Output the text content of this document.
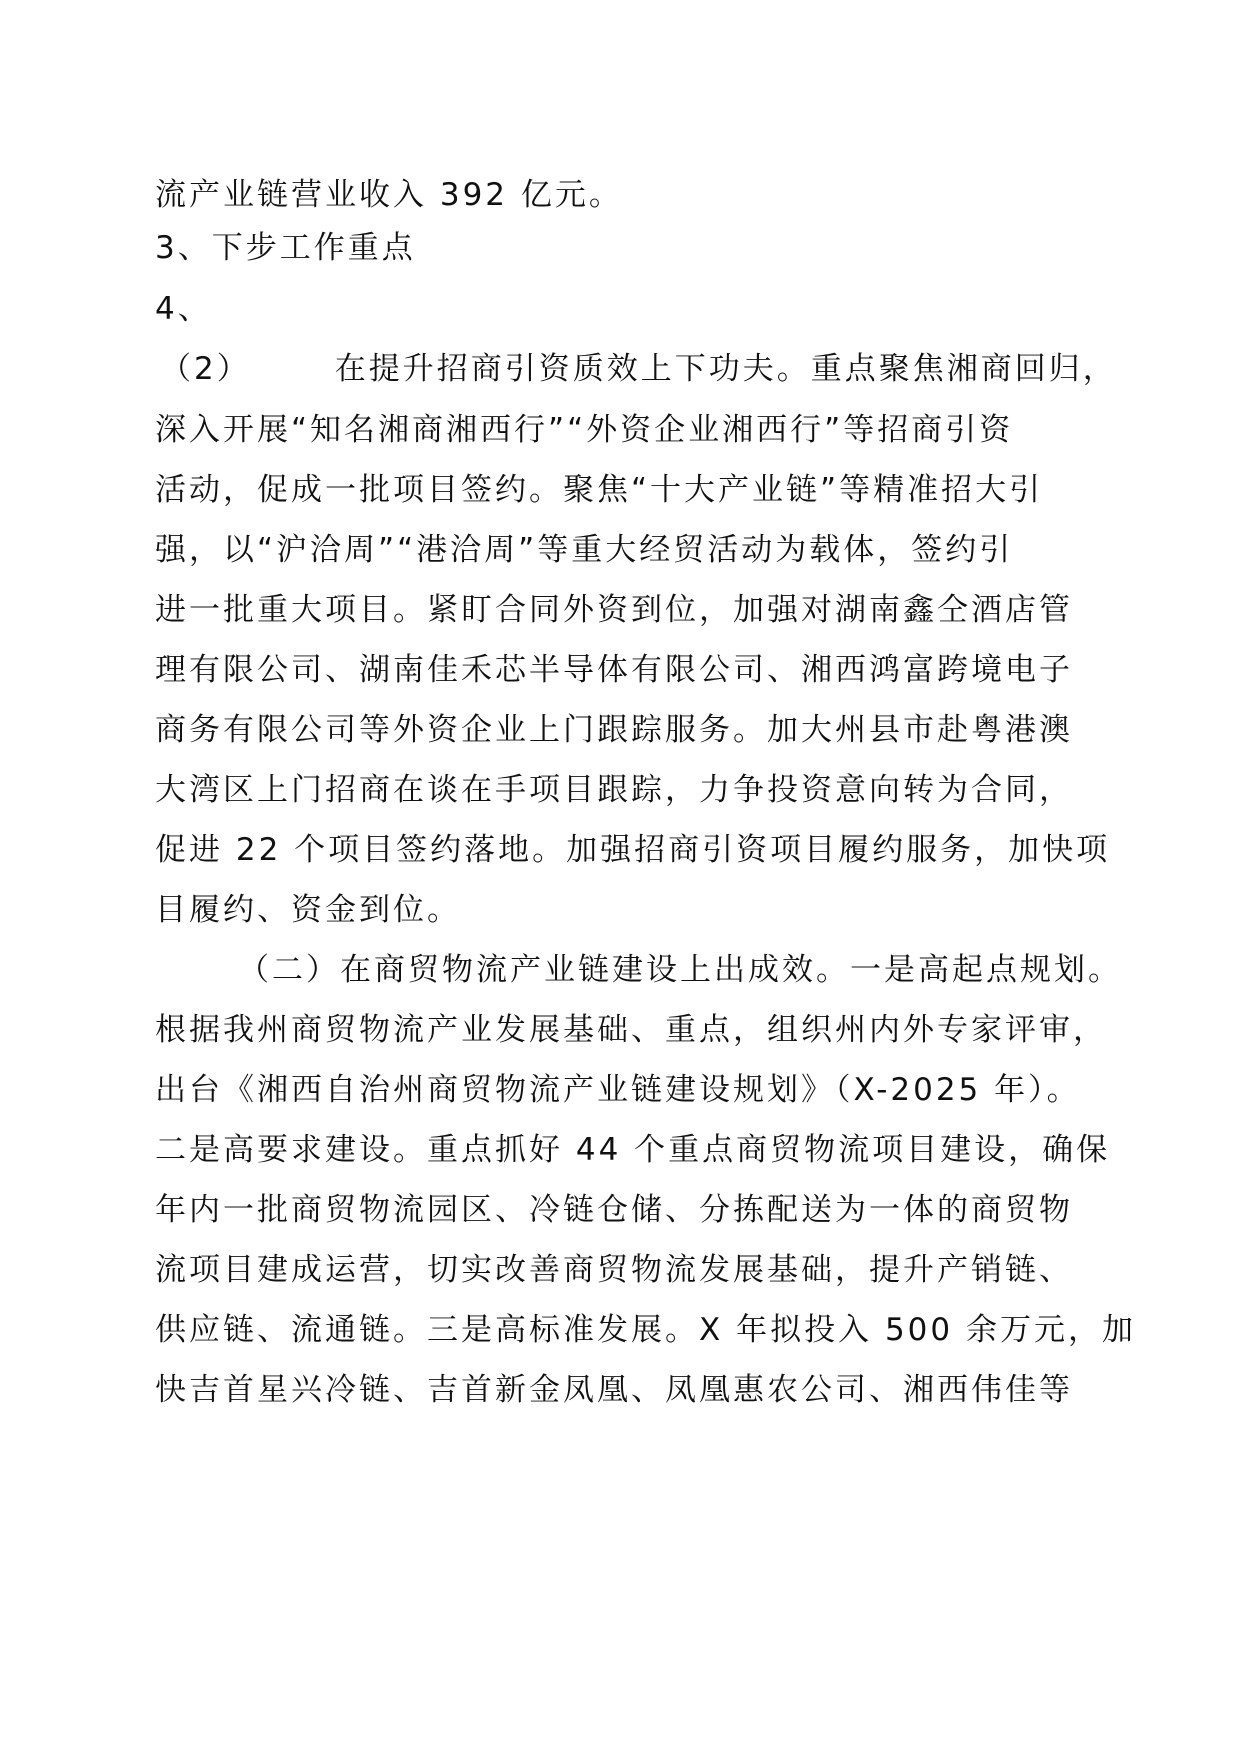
流产业链营业收入 392 亿元。
3、下步工作重点
4、
（2）	在提升招商引资质效上下功夫。重点聚焦湘商回归，
深入开展“知名湘商湘西行”“外资企业湘西行”等招商引资
活动，促成一批项目签约。聚焦“十大产业链”等精准招大引
强，以“沪洽周”“港洽周”等重大经贸活动为载体，签约引
进一批重大项目。紧盯合同外资到位，加强对湖南鑫仝酒店管
理有限公司、湖南佳禾芯半导体有限公司、湘西鸿富跨境电子
商务有限公司等外资企业上门跟踪服务。加大州县市赴粤港澳
大湾区上门招商在谈在手项目跟踪，力争投资意向转为合同，
促进 22 个项目签约落地。加强招商引资项目履约服务，加快项
目履约、资金到位。
（二）在商贸物流产业链建设上出成效。一是高起点规划。
根据我州商贸物流产业发展基础、重点，组织州内外专家评审，
出台《湘西自治州商贸物流产业链建设规划》（X-2025 年）。
二是高要求建设。重点抓好 44 个重点商贸物流项目建设，确保
年内一批商贸物流园区、冷链仓储、分拣配送为一体的商贸物
流项目建成运营，切实改善商贸物流发展基础，提升产销链、
供应链、流通链。三是高标准发展。X 年拟投入 500 余万元，加
快吉首星兴冷链、吉首新金凤凰、凤凰惠农公司、湘西伟佳等
